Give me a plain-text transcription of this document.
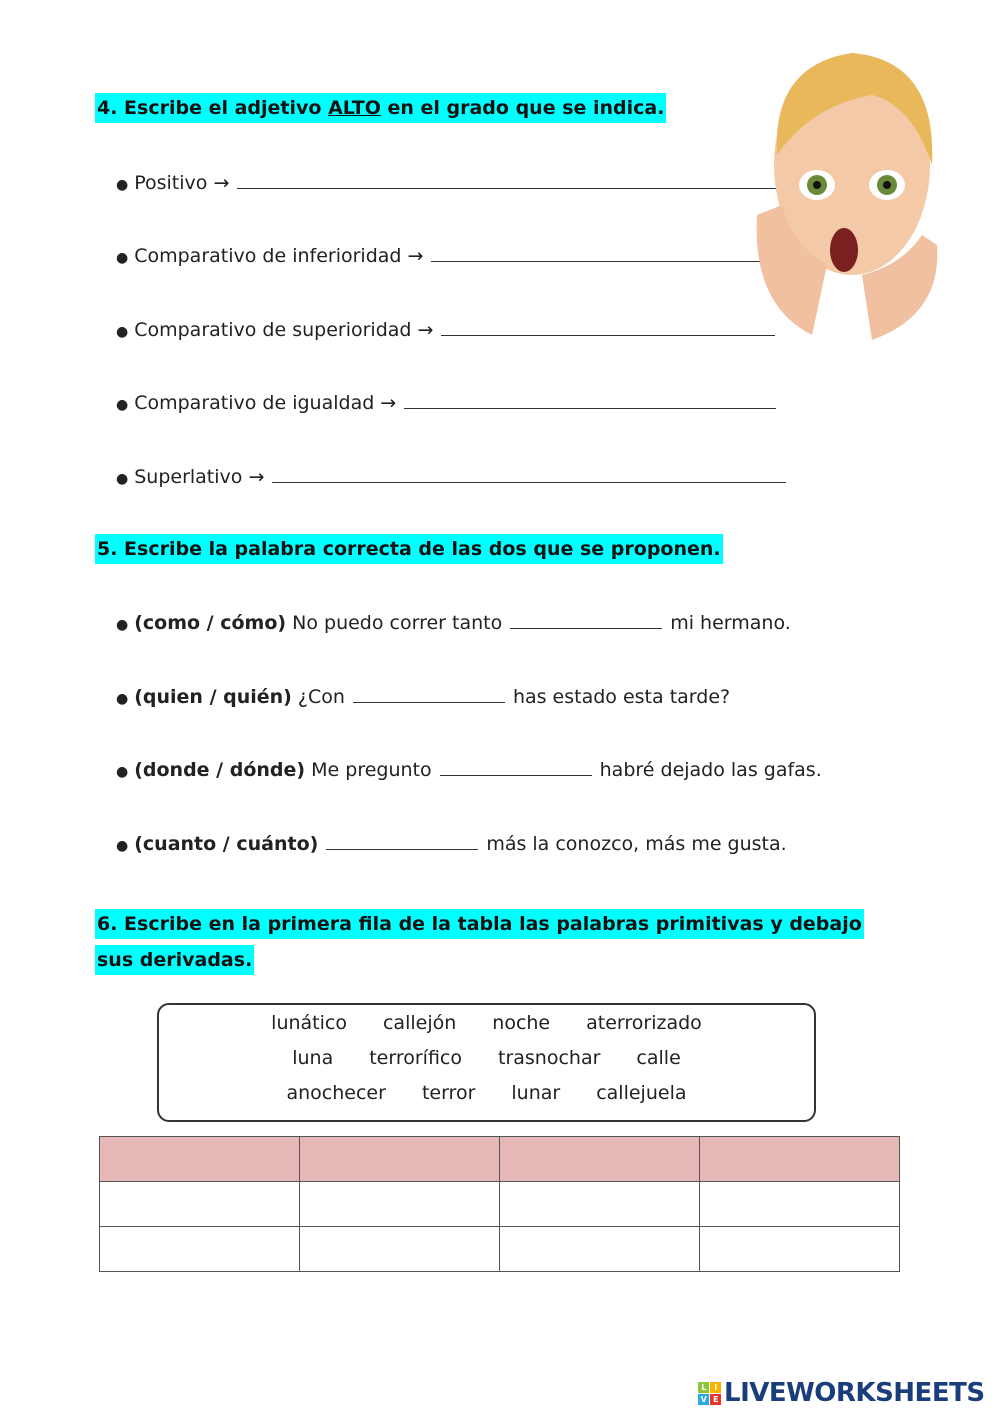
4. Escribe el adjetivo ALTO en el grado que se indica.
● Positivo →
● Comparativo de inferioridad →
● Comparativo de superioridad →
● Comparativo de igualdad →
● Superlativo →
5. Escribe la palabra correcta de las dos que se proponen.
● (como / cómo)
No puedo correr tanto	mi hermano.
● (quien / quién)
¿Con	has estado esta tarde?
● (donde / dónde)
Me pregunto	habré dejado las gafas.
● (cuanto / cuánto)	más la conozco, más me gusta.
6. Escribe en la primera fila de la tabla las palabras primitivas y debajo
sus derivadas.
lunático callejón noche aterrorizado
luna terrorífico trasnochar calle
anochecer terror lunar callejuela

L	I
V E LIVEWORKSHEETS
